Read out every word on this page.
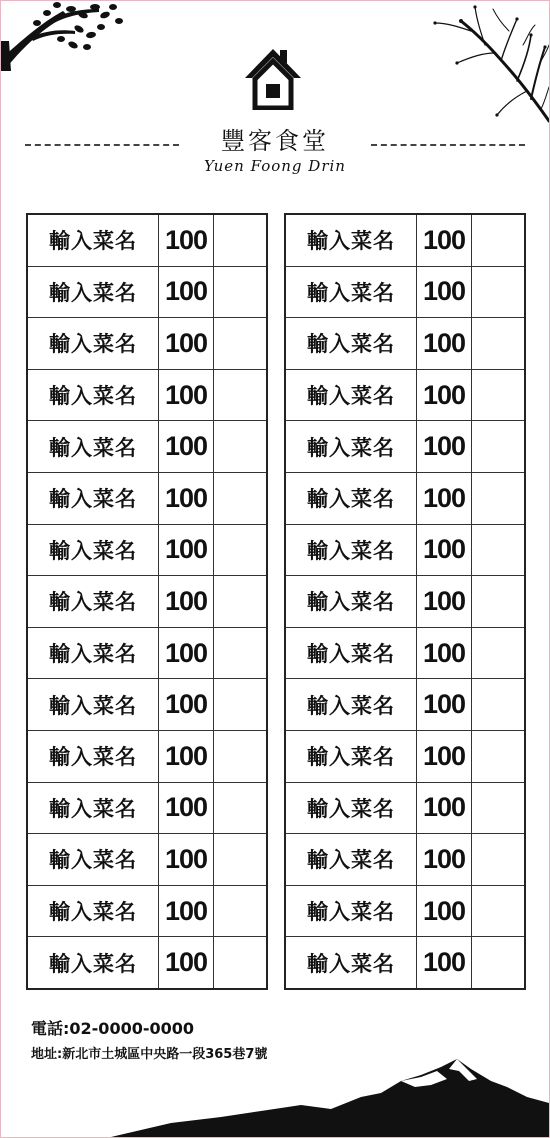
豐客食堂
Yuen Foong Drin
輸入菜名	100	
輸入菜名	100	
輸入菜名	100	
輸入菜名	100	
輸入菜名	100	
輸入菜名	100	
輸入菜名	100	
輸入菜名	100	
輸入菜名	100	
輸入菜名	100	
輸入菜名	100	
輸入菜名	100	
輸入菜名	100	
輸入菜名	100	
輸入菜名	100	
輸入菜名	100	
輸入菜名	100	
輸入菜名	100	
輸入菜名	100	
輸入菜名	100	
輸入菜名	100	
輸入菜名	100	
輸入菜名	100	
輸入菜名	100	
輸入菜名	100	
輸入菜名	100	
輸入菜名	100	
輸入菜名	100	
輸入菜名	100	
輸入菜名	100	
電話:02-0000-0000
地址:新北市土城區中央路一段365巷7號
